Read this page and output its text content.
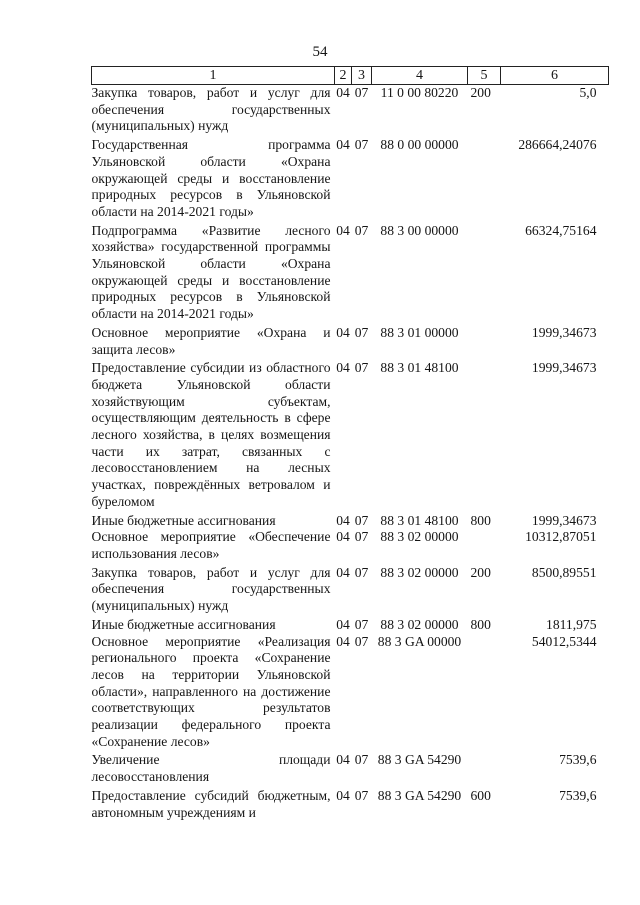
54
1	2	3	4	5	6
Закупка товаров, работ и услуг для обеспечения государственных (муниципальных) нужд	04	07	11 0 00 80220	200	5,0
Государственная программа Ульяновской области «Охрана окружающей среды и восстановление природных ресурсов в Ульяновской области на 2014-2021 годы»	04	07	88 0 00 00000		286664,24076
Подпрограмма «Развитие лесного хозяйства» государственной программы Ульяновской области «Охрана окружающей среды и восстановление природных ресурсов в Ульяновской области на 2014-2021 годы»	04	07	88 3 00 00000		66324,75164
Основное мероприятие «Охрана и защита лесов»	04	07	88 3 01 00000		1999,34673
Предоставление субсидии из областного бюджета Ульяновской области хозяйствующим субъектам, осуществляющим деятельность в сфере лесного хозяйства, в целях возмещения части их затрат, связанных с лесовосстановлением на лесных участках, повреждённых ветровалом и буреломом	04	07	88 3 01 48100		1999,34673
Иные бюджетные ассигнования	04	07	88 3 01 48100	800	1999,34673
Основное мероприятие «Обеспечение использования лесов»	04	07	88 3 02 00000		10312,87051
Закупка товаров, работ и услуг для обеспечения государственных (муниципальных) нужд	04	07	88 3 02 00000	200	8500,89551
Иные бюджетные ассигнования	04	07	88 3 02 00000	800	1811,975
Основное мероприятие «Реализация регионального проекта «Сохранение лесов на территории Ульяновской области», направленного на достижение соответствующих результатов реализации федерального проекта «Сохранение лесов»	04	07	88 3 GA 00000		54012,5344
Увеличение площади лесовосстановления	04	07	88 3 GA 54290		7539,6
Предоставление субсидий бюджетным, автономным учреждениям и	04	07	88 3 GA 54290	600	7539,6
